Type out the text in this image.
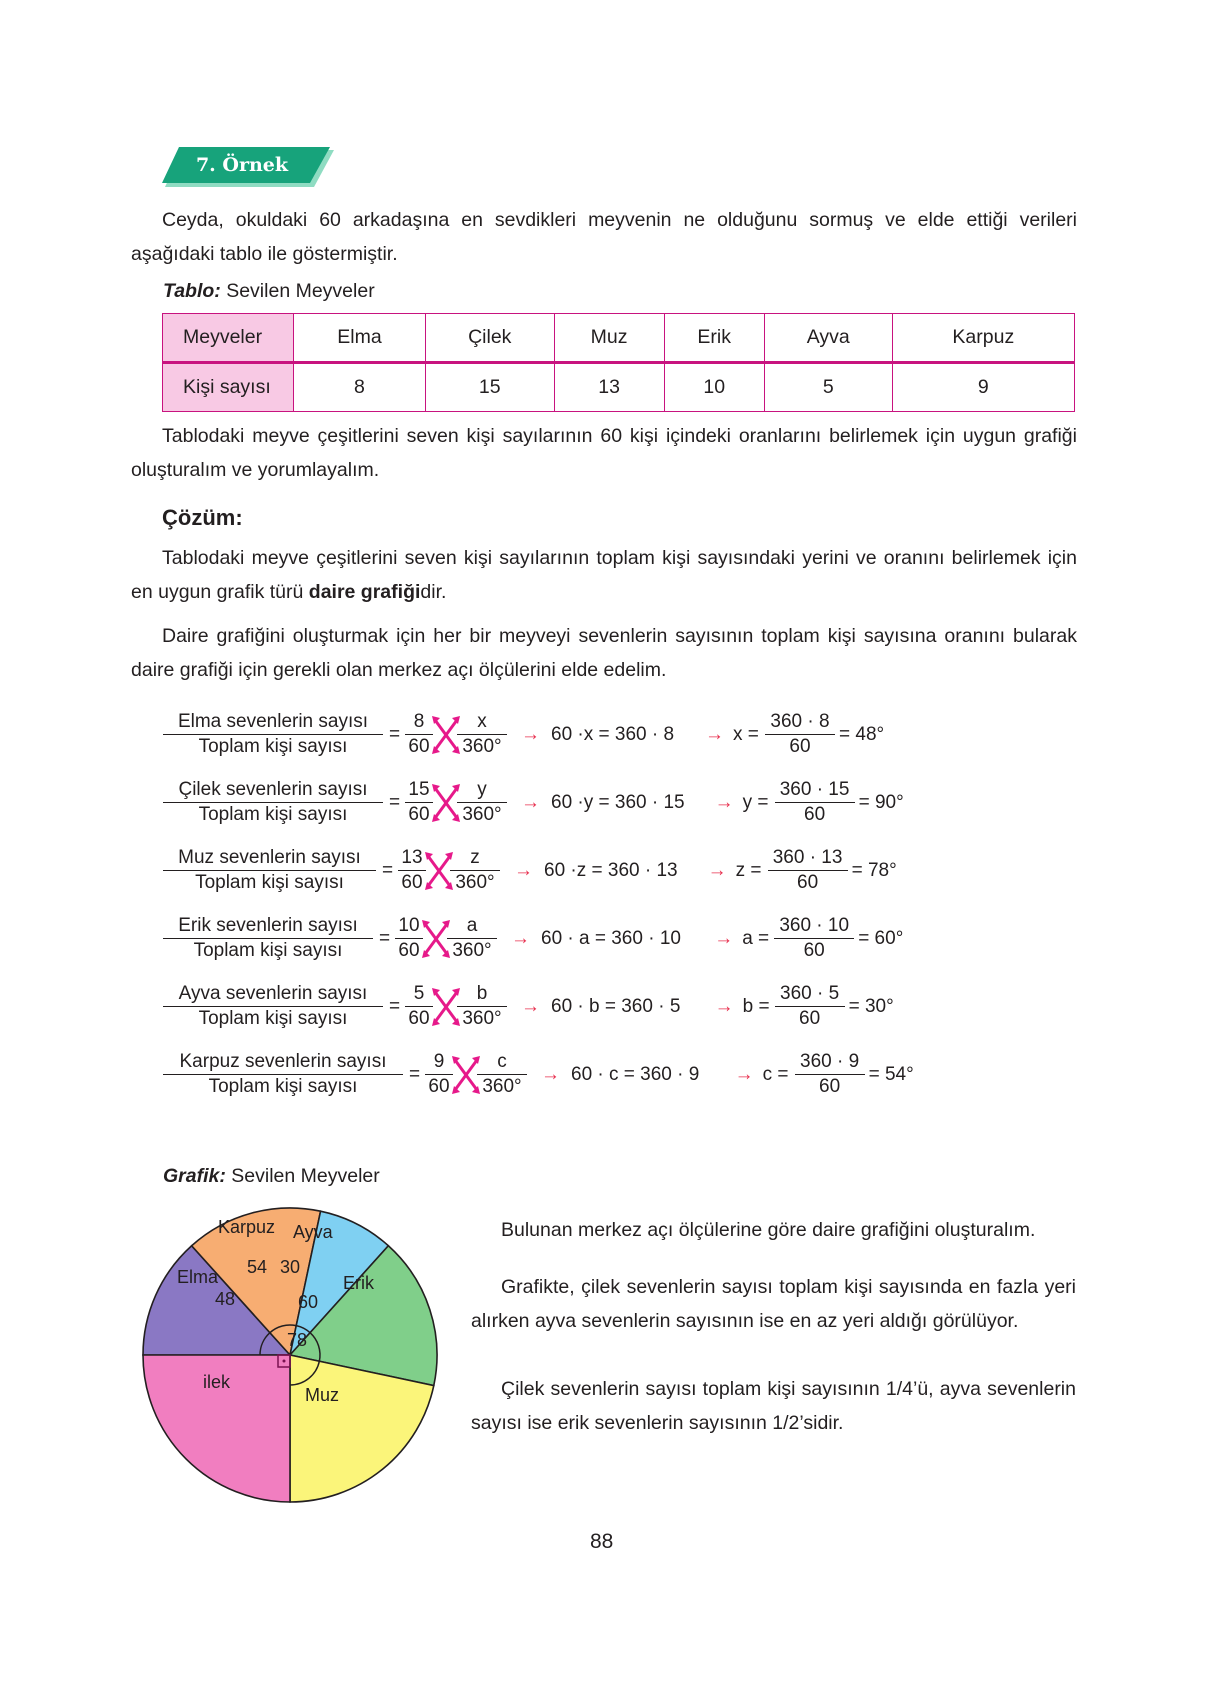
7. Örnek
Ceyda, okuldaki 60 arkadaşına en sevdikleri meyvenin ne olduğunu sormuş ve elde ettiği verileri aşağıdaki tablo ile göstermiştir.
Tablo: Sevilen Meyveler
Meyveler	Elma	Çilek	Muz	Erik	Ayva	Karpuz
Kişi sayısı	8	15	13	10	5	9
Tablodaki meyve çeşitlerini seven kişi sayılarının 60 kişi içindeki oranlarını belirlemek için uygun grafiği oluşturalım ve yorumlayalım.
Çözüm:
Tablodaki meyve çeşitlerini seven kişi sayılarının toplam kişi sayısındaki yerini ve oranını belirlemek için en uygun grafik türü daire grafiğidir.
Daire grafiğini oluşturmak için her bir meyveyi sevenlerin sayısının toplam kişi sayısına oranını bularak daire grafiği için gerekli olan merkez açı ölçülerini elde edelim.
Elma sevenlerin sayısı
Toplam kişi sayısı
=
8
60
x
360°
→ 60 ·x = 360 · 8 → x =
360 · 8
60
= 48°
Çilek sevenlerin sayısı
Toplam kişi sayısı
=
15
60
y
360°
→ 60 ·y = 360 · 15 → y =
360 · 15
60
= 90°
Muz sevenlerin sayısı
Toplam kişi sayısı
=
13
60
z
360°
→ 60 ·z = 360 · 13 → z =
360 · 13
60
= 78°
Erik sevenlerin sayısı
Toplam kişi sayısı
=
10
60
a
360°
→ 60 · a = 360 · 10 → a =
360 · 10
60
= 60°
Ayva sevenlerin sayısı
Toplam kişi sayısı
=
5
60
b
360°
→ 60 · b = 360 · 5 → b =
360 · 5
60
= 30°
Karpuz sevenlerin sayısı
Toplam kişi sayısı
=
9
60
c
360°
→ 60 · c = 360 · 9 → c =
360 · 9
60
= 54°
Grafik: Sevilen Meyveler
Elma
Karpuz Ayva
Erik
Muz
ilek
48
54 30
60
78
Bulunan merkez açı ölçülerine göre daire grafiğini oluşturalım.
Grafikte, çilek sevenlerin sayısı toplam kişi sayısında en fazla yeri alırken ayva sevenlerin sayısının ise en az yeri aldığı görülüyor.
Çilek sevenlerin sayısı toplam kişi sayısının 1/4’ü, ayva sevenlerin sayısı ise erik sevenlerin sayısının 1/2’sidir.
88
